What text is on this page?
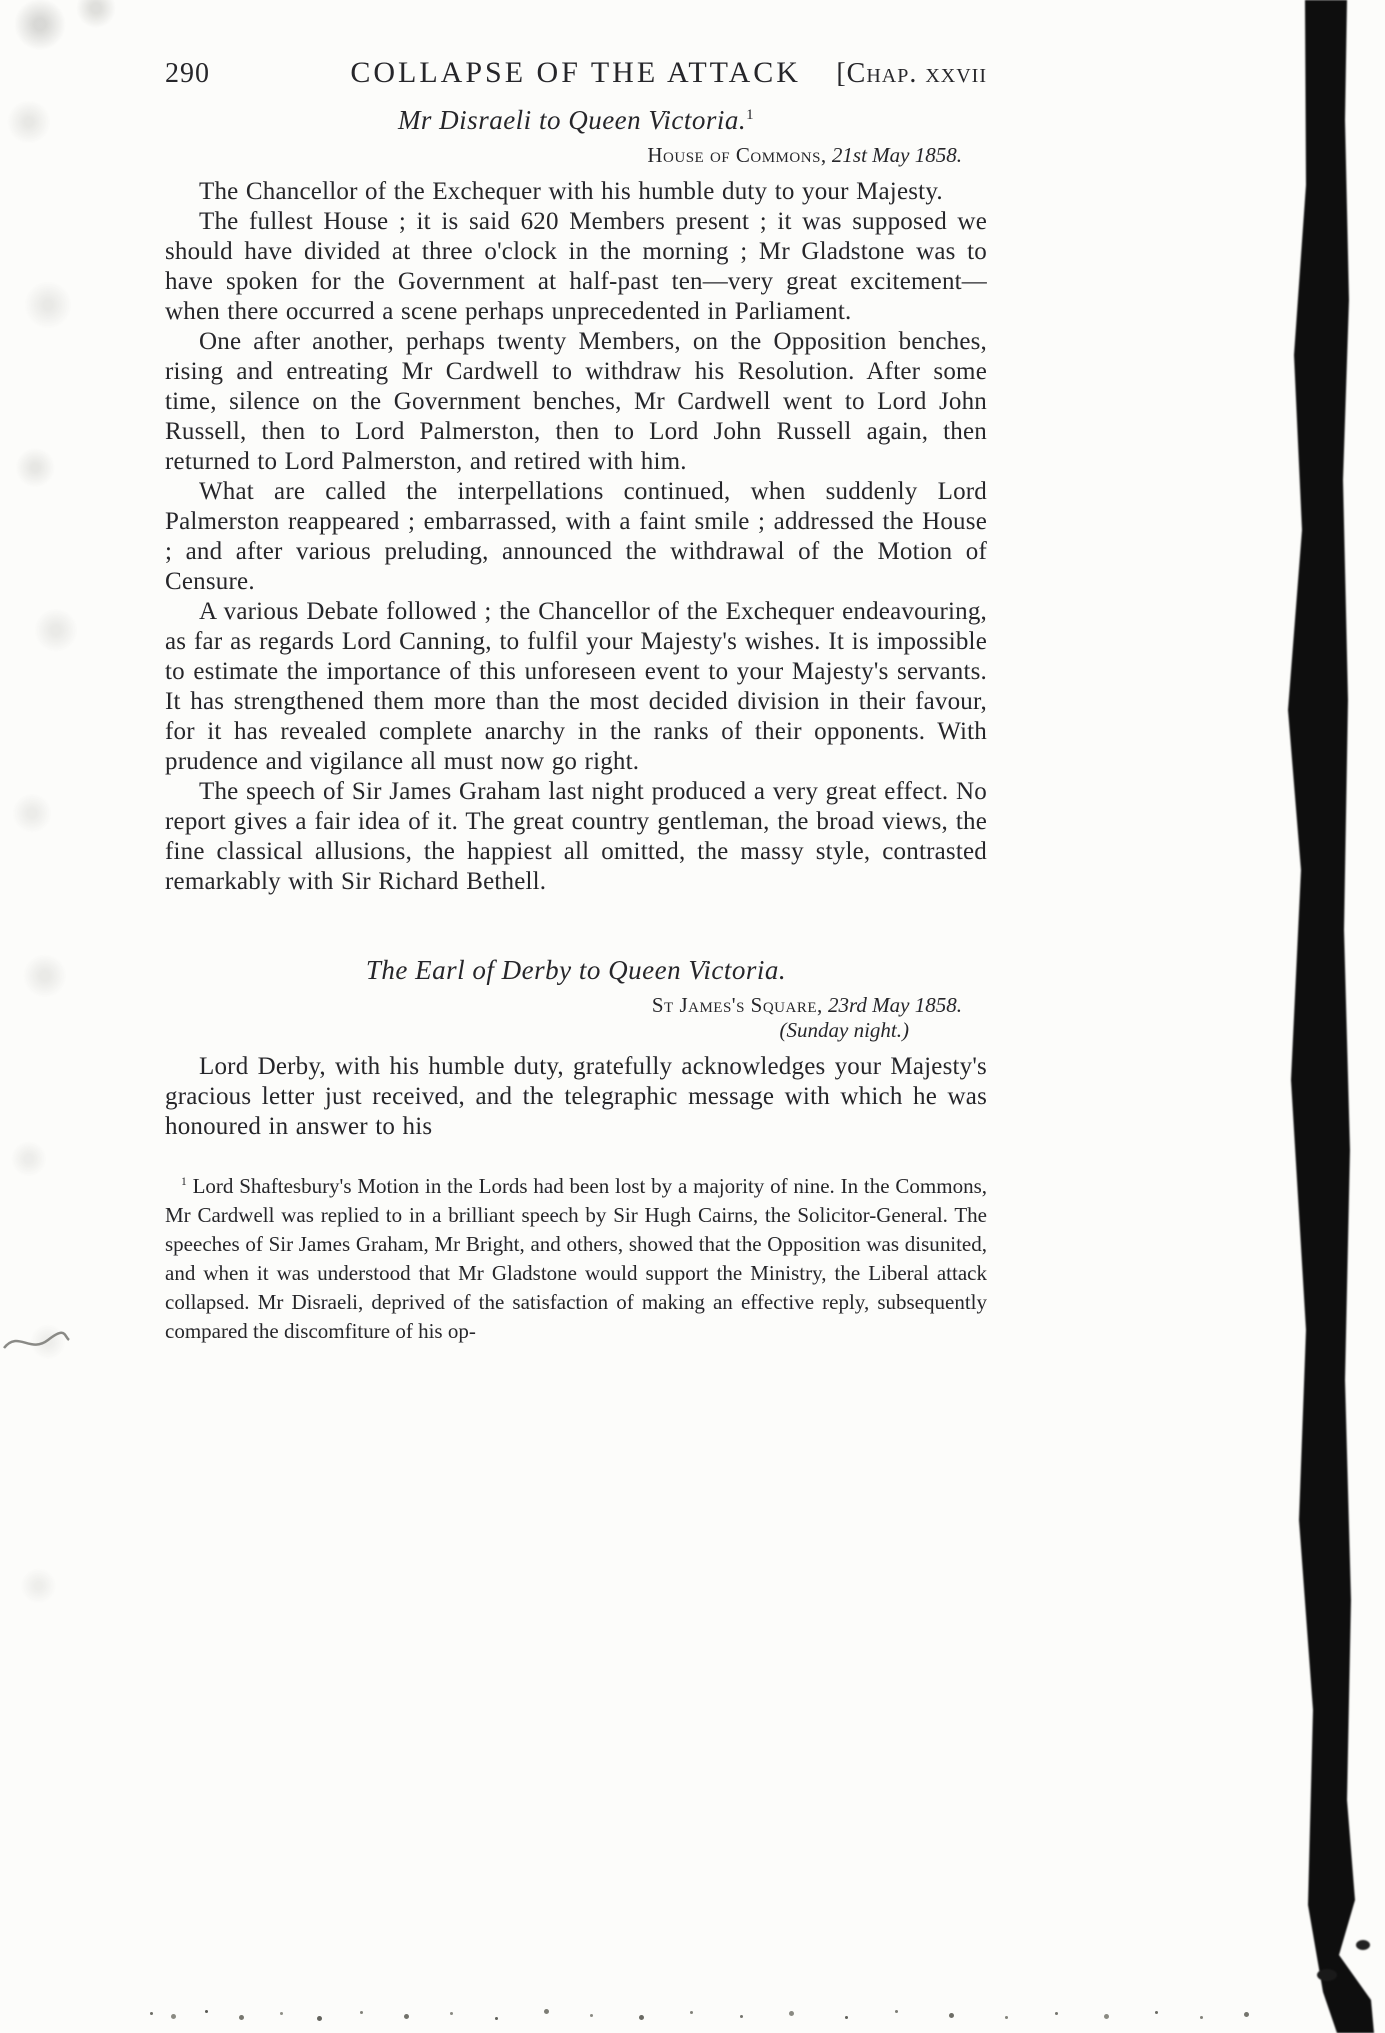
290	COLLAPSE OF THE ATTACK	[Chap. xxvii
Mr Disraeli to Queen Victoria.$^1$
House of Commons, 21st May 1858.

The Chancellor of the Exchequer with his humble duty to your Majesty.

The fullest House ; it is said 620 Members present ; it was supposed we should have divided at three o'clock in the morning ; Mr Gladstone was to have spoken for the Government at half-past ten—very great excitement—when there occurred a scene perhaps unprecedented in Parliament.

One after another, perhaps twenty Members, on the Opposition benches, rising and entreating Mr Cardwell to withdraw his Resolution. After some time, silence on the Government benches, Mr Cardwell went to Lord John Russell, then to Lord Palmerston, then to Lord John Russell again, then returned to Lord Palmerston, and retired with him.

What are called the interpellations continued, when suddenly Lord Palmerston reappeared ; embarrassed, with a faint smile ; addressed the House ; and after various preluding, announced the withdrawal of the Motion of Censure.

A various Debate followed ; the Chancellor of the Exchequer endeavouring, as far as regards Lord Canning, to fulfil your Majesty's wishes. It is impossible to estimate the importance of this unforeseen event to your Majesty's servants. It has strengthened them more than the most decided division in their favour, for it has revealed complete anarchy in the ranks of their opponents. With prudence and vigilance all must now go right.

The speech of Sir James Graham last night produced a very great effect. No report gives a fair idea of it. The great country gentleman, the broad views, the fine classical allusions, the happiest all omitted, the massy style, contrasted remarkably with Sir Richard Bethell.

The Earl of Derby to Queen Victoria.
St James's Square, 23rd May 1858.
(Sunday night.)

Lord Derby, with his humble duty, gratefully acknowledges your Majesty's gracious letter just received, and the telegraphic message with which he was honoured in answer to his

$^1$ Lord Shaftesbury's Motion in the Lords had been lost by a majority of nine. In the Commons, Mr Cardwell was replied to in a brilliant speech by Sir Hugh Cairns, the Solicitor-General. The speeches of Sir James Graham, Mr Bright, and others, showed that the Opposition was disunited, and when it was understood that Mr Gladstone would support the Ministry, the Liberal attack collapsed. Mr Disraeli, deprived of the satisfaction of making an effective reply, subsequently compared the discomfiture of his op-
